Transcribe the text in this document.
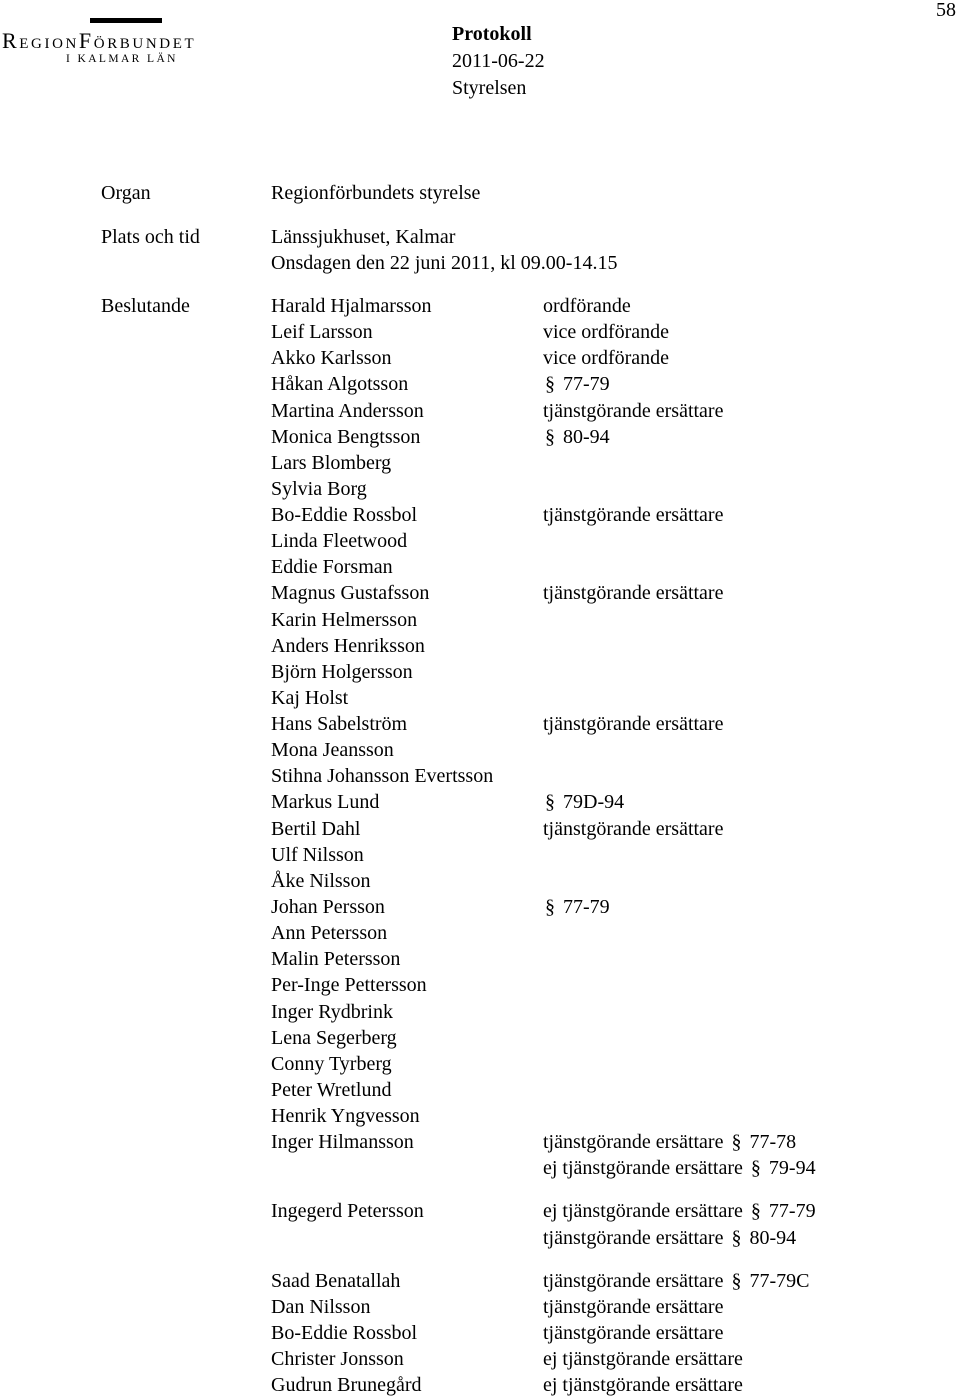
58
RegionFörbundet
I KALMAR LÄN
Protokoll
2011-06-22
Styrelsen
Organ	Regionförbundets styrelse
Plats och tid	Länssjukhuset, Kalmar
Onsdagen den 22 juni 2011, kl 09.00-14.15
Beslutande	Harald Hjalmarsson	ordförande
Leif Larsson	vice ordförande
Akko Karlsson	vice ordförande
Håkan Algotsson	§ 77-79
Martina Andersson	tjänstgörande ersättare
Monica Bengtsson	§ 80-94
Lars Blomberg
Sylvia Borg
Bo-Eddie Rossbol	tjänstgörande ersättare
Linda Fleetwood
Eddie Forsman
Magnus Gustafsson	tjänstgörande ersättare
Karin Helmersson
Anders Henriksson
Björn Holgersson
Kaj Holst
Hans Sabelström	tjänstgörande ersättare
Mona Jeansson
Stihna Johansson Evertsson
Markus Lund	§ 79D-94
Bertil Dahl	tjänstgörande ersättare
Ulf Nilsson
Åke Nilsson
Johan Persson	§ 77-79
Ann Petersson
Malin Petersson
Per-Inge Pettersson
Inger Rydbrink
Lena Segerberg
Conny Tyrberg
Peter Wretlund
Henrik Yngvesson
Inger Hilmansson	tjänstgörande ersättare § 77-78
ej tjänstgörande ersättare § 79-94
Ingegerd Petersson	ej tjänstgörande ersättare § 77-79
tjänstgörande ersättare § 80-94
Saad Benatallah	tjänstgörande ersättare § 77-79C
Dan Nilsson	tjänstgörande ersättare
Bo-Eddie Rossbol	tjänstgörande ersättare
Christer Jonsson	ej tjänstgörande ersättare
Gudrun Brunegård	ej tjänstgörande ersättare
